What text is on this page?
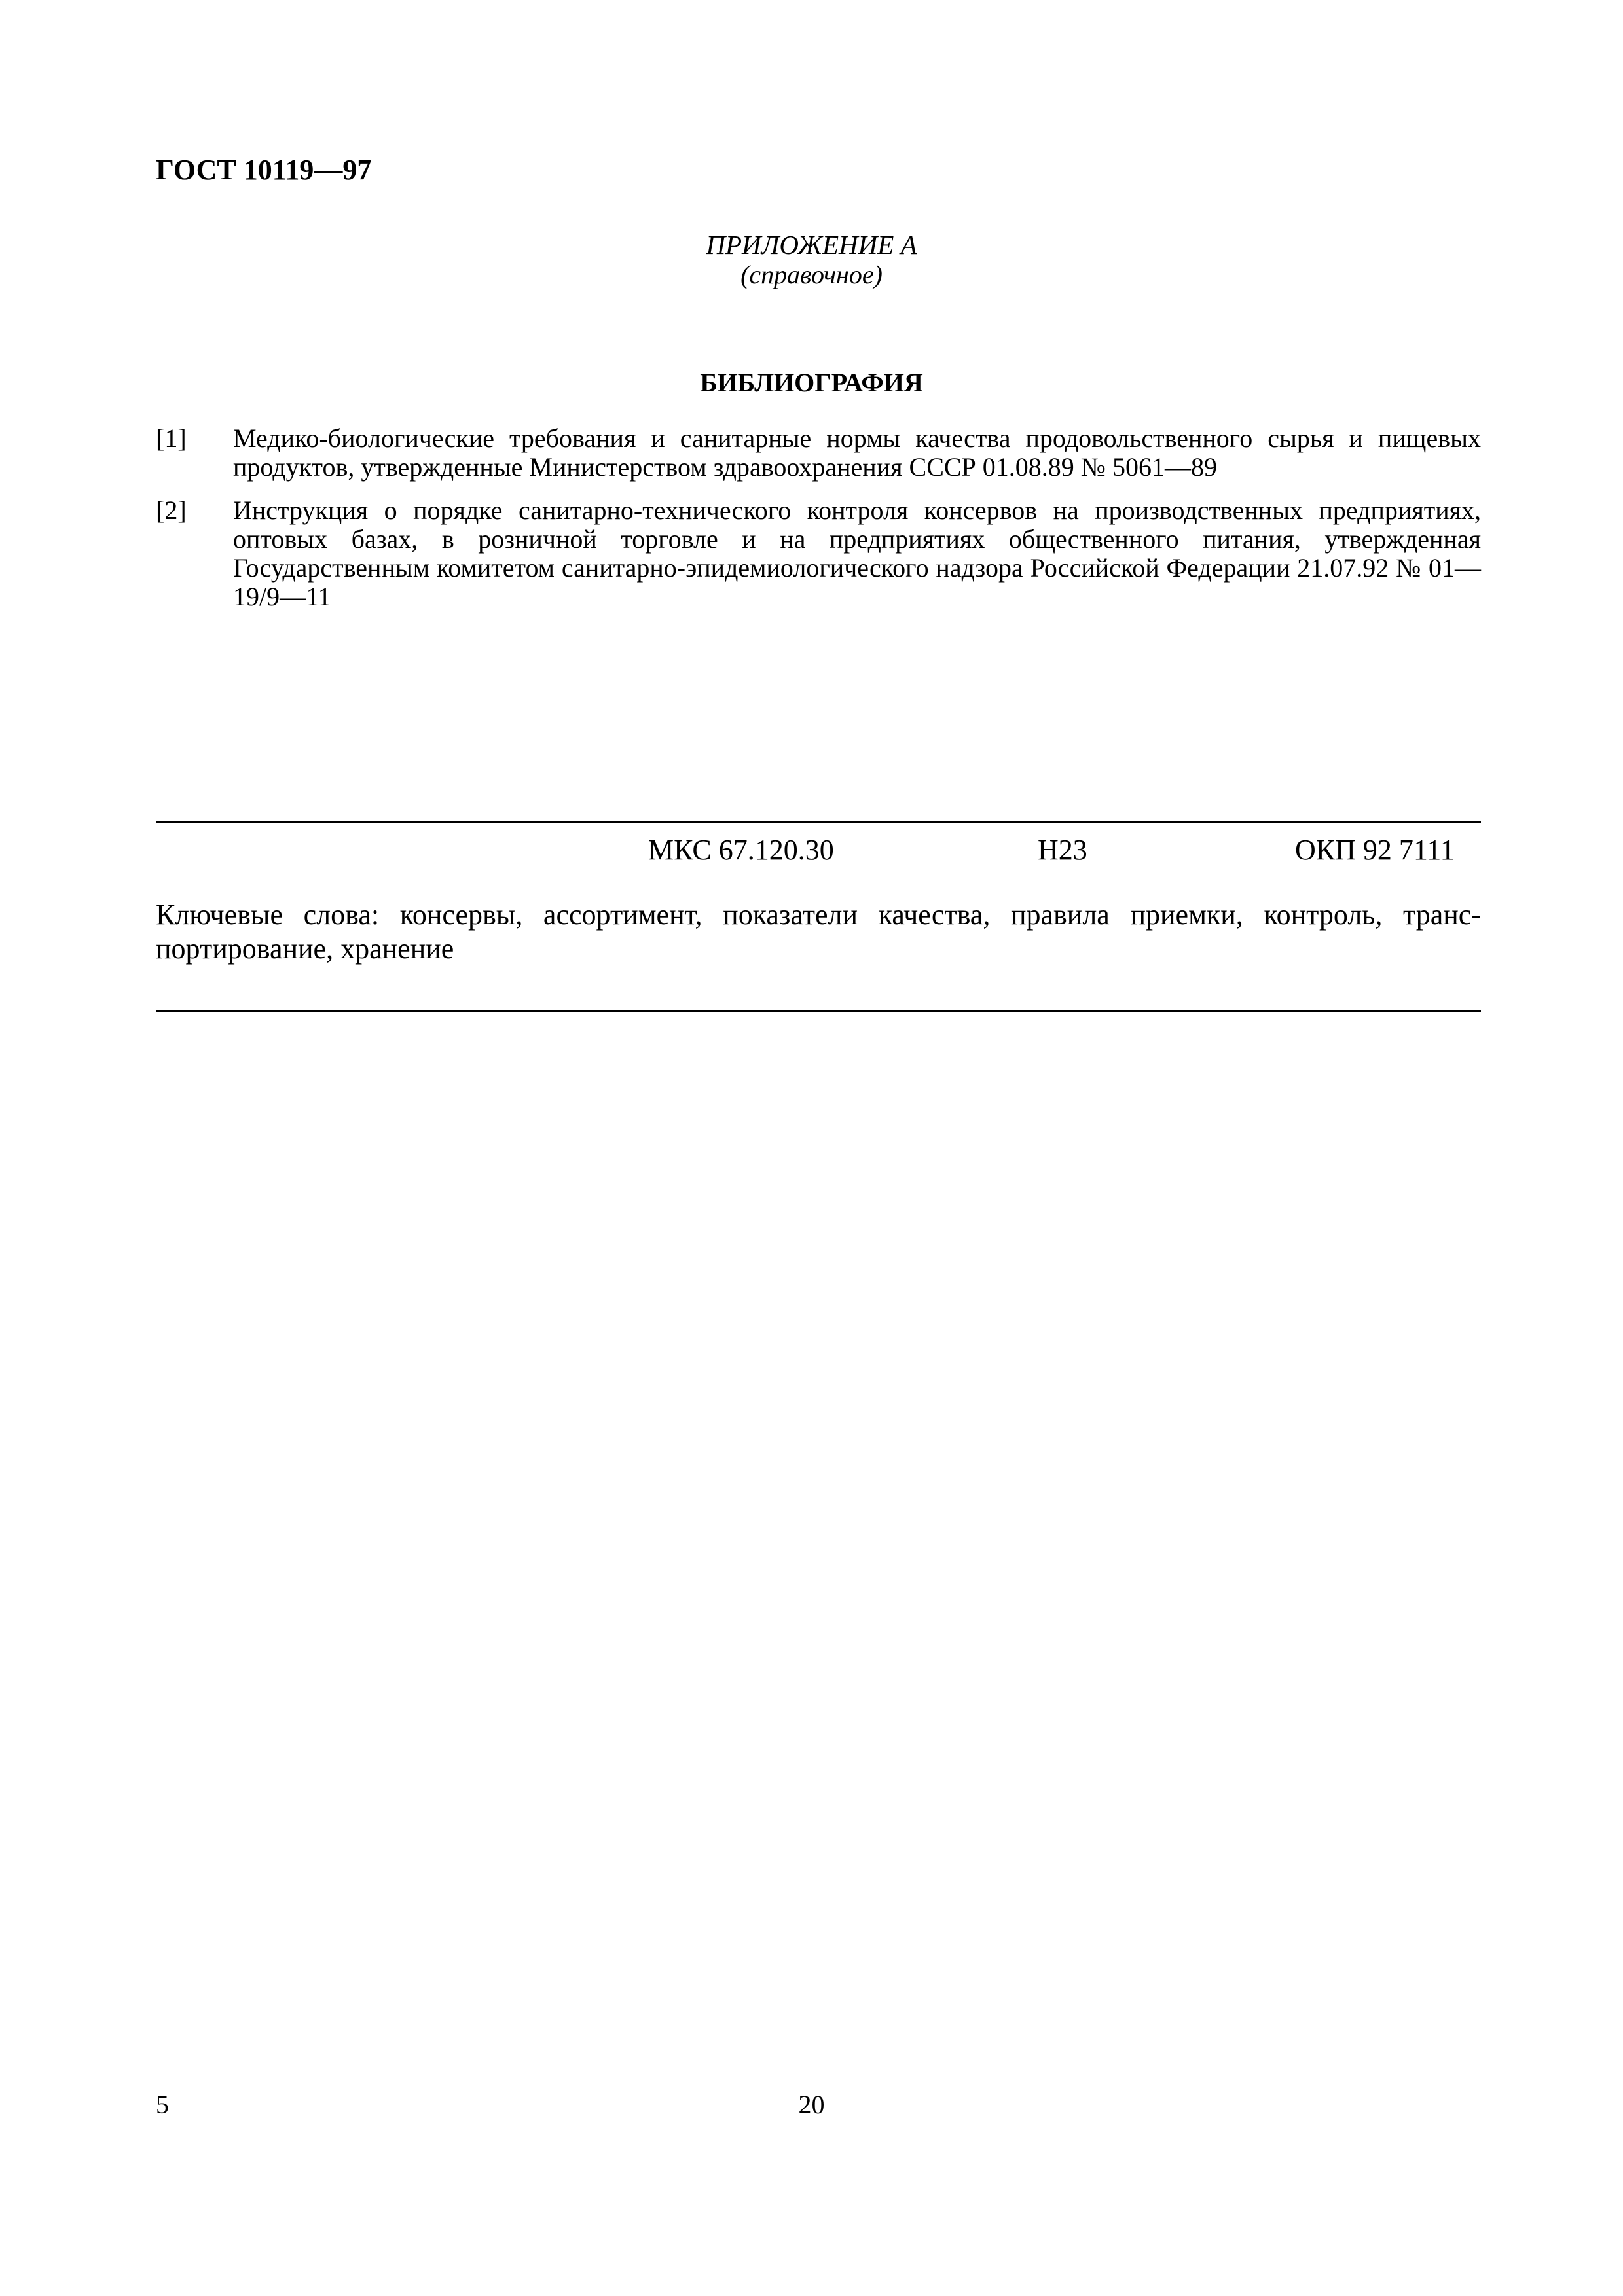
ГОСТ 10119—97
ПРИЛОЖЕНИЕ А
(справочное)
БИБЛИОГРАФИЯ
[1] Медико-биологические требования и санитарные нормы качества продовольственного сырья и пищевых продуктов, утвержденные Министерством здравоохранения СССР 01.08.89 № 5061—89
[2] Инструкция о порядке санитарно-технического контроля консервов на производственных предприятиях, оптовых базах, в розничной торговле и на предприятиях общественного питания, утвержденная Государственным комитетом санитарно-эпидемиологического надзора Российской Федерации 21.07.92 № 01—19/9—11
МКС 67.120.30	Н23	ОКП 92 7111
Ключевые слова: консервы, ассортимент, показатели качества, правила приемки, контроль, транспортирование, хранение
5	20
